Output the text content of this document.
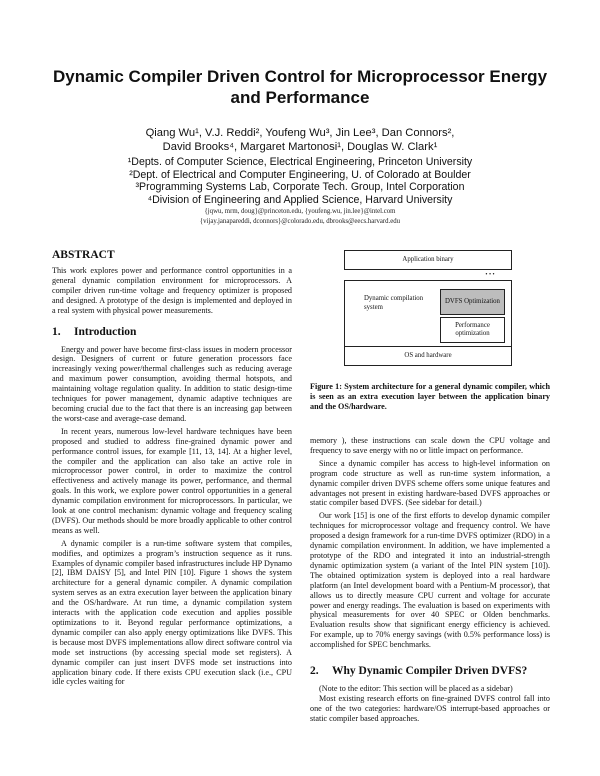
Dynamic Compiler Driven Control for Microprocessor Energy and Performance
Qiang Wu¹, V.J. Reddi², Youfeng Wu³, Jin Lee³, Dan Connors²,
David Brooks⁴, Margaret Martonosi¹, Douglas W. Clark¹
¹Depts. of Computer Science, Electrical Engineering, Princeton University
²Dept. of Electrical and Computer Engineering, U. of Colorado at Boulder
³Programming Systems Lab, Corporate Tech. Group, Intel Corporation
⁴Division of Engineering and Applied Science, Harvard University
{jqwu, mrm, doug}@princeton.edu, {youfeng.wu, jin.lee}@intel.com
{vijay.janapareddi, dconnors}@colorado.edu, dbrooks@eecs.harvard.edu
ABSTRACT

This work explores power and performance control opportunities in a general dynamic compilation environment for microprocessors. A compiler driven run-time voltage and frequency optimizer is proposed and designed. A prototype of the design is implemented and deployed in a real system with physical power measurements.

1. Introduction

Energy and power have become first-class issues in modern processor design. Designers of current or future generation processors face increasingly vexing power/thermal challenges such as reducing average and maximum power consumption, avoiding thermal hotspots, and maintaining voltage regulation quality. In addition to static design-time techniques for power management, dynamic adaptive techniques are becoming crucial due to the fact that there is an increasing gap between the worst-case and average-case demand.

In recent years, numerous low-level hardware techniques have been proposed and studied to address fine-grained dynamic power and performance control issues, for example [11, 13, 14]. At a higher level, the compiler and the application can also take an active role in microprocessor power control, in order to maximize the control effectiveness and actively manage its power, performance, and thermal goals. In this work, we explore power control opportunities in a general dynamic compilation environment for microprocessors. In particular, we look at one control mechanism: dynamic voltage and frequency scaling (DVFS). Our methods should be more broadly applicable to other control means as well.

A dynamic compiler is a run-time software system that compiles, modifies, and optimizes a program’s instruction sequence as it runs. Examples of dynamic compiler based infrastructures include HP Dynamo [2], IBM DAISY [5], and Intel PIN [10]. Figure 1 shows the system architecture for a general dynamic compiler. A dynamic compilation system serves as an extra execution layer between the application binary and the OS/hardware. At run time, a dynamic compilation system interacts with the application code execution and applies possible optimizations to it. Beyond regular performance optimizations, a dynamic compiler can also apply energy optimizations like DVFS. This is because most DVFS implementations allow direct software control via mode set instructions (by accessing special mode set registers). A dynamic compiler can just insert DVFS mode set instructions into application binary code. If there exists CPU execution slack (i.e., CPU idle cycles waiting for

Application binary
• • •
Dynamic compilation system
DVFS Optimization
Performance optimization
OS and hardware
Figure 1: System architecture for a general dynamic compiler, which is seen as an extra execution layer between the application binary and the OS/hardware.

memory ), these instructions can scale down the CPU voltage and frequency to save energy with no or little impact on performance.

Since a dynamic compiler has access to high-level information on program code structure as well as run-time system information, a dynamic compiler driven DVFS scheme offers some unique features and advantages not present in existing hardware-based DVFS approaches or static compiler based DVFS. (See sidebar for detail.)

Our work [15] is one of the first efforts to develop dynamic compiler techniques for microprocessor voltage and frequency control. We have proposed a design framework for a run-time DVFS optimizer (RDO) in a dynamic compilation environment. In addition, we have implemented a prototype of the RDO and integrated it into an industrial-strength dynamic optimization system (a variant of the Intel PIN system [10]). The obtained optimization system is deployed into a real hardware platform (an Intel development board with a Pentium-M processor), that allows us to directly measure CPU current and voltage for accurate power and energy readings. The evaluation is based on experiments with physical measurements for over 40 SPEC or Olden benchmarks. Evaluation results show that significant energy efficiency is achieved. For example, up to 70% energy savings (with 0.5% performance loss) is accomplished for SPEC benchmarks.

2. Why Dynamic Compiler Driven DVFS?

(Note to the editor: This section will be placed as a sidebar)

Most existing research efforts on fine-grained DVFS control fall into one of the two categories: hardware/OS interrupt-based approaches or static compiler based approaches.
